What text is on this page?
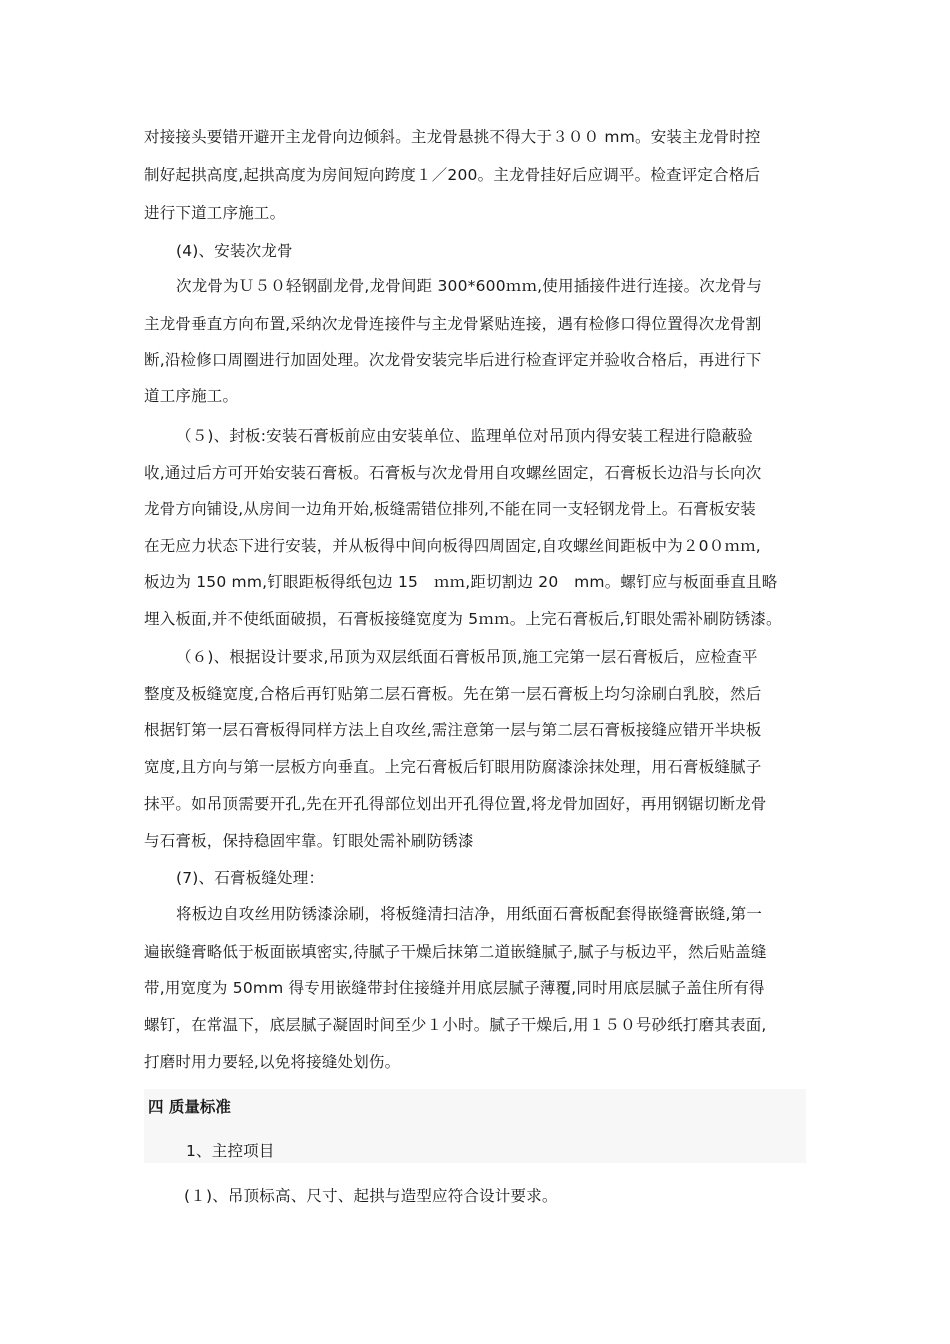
对接接头要错开避开主龙骨向边倾斜。主龙骨悬挑不得大于３００ mm。安装主龙骨时控
制好起拱高度,起拱高度为房间短向跨度１／200。主龙骨挂好后应调平。检查评定合格后
进行下道工序施工。
(4)、安装次龙骨
次龙骨为Ｕ５０轻钢副龙骨,龙骨间距 300*600ｍｍ,使用插接件进行连接。次龙骨与
主龙骨垂直方向布置,采纳次龙骨连接件与主龙骨紧贴连接，遇有检修口得位置得次龙骨割
断,沿检修口周圈进行加固处理。次龙骨安装完毕后进行检查评定并验收合格后，再进行下
道工序施工。
（５)、封板:安装石膏板前应由安装单位、监理单位对吊顶内得安装工程进行隐蔽验
收,通过后方可开始安装石膏板。石膏板与次龙骨用自攻螺丝固定，石膏板长边沿与长向次
龙骨方向铺设,从房间一边角开始,板缝需错位排列,不能在同一支轻钢龙骨上。石膏板安装
在无应力状态下进行安装，并从板得中间向板得四周固定,自攻螺丝间距板中为２0０ｍｍ,
板边为 150 mm,钉眼距板得纸包边 15　ｍｍ,距切割边 20　mm。螺钉应与板面垂直且略
埋入板面,并不使纸面破损，石膏板接缝宽度为 5ｍｍ。上完石膏板后,钉眼处需补刷防锈漆。
（６)、根据设计要求,吊顶为双层纸面石膏板吊顶,施工完第一层石膏板后，应检查平
整度及板缝宽度,合格后再钉贴第二层石膏板。先在第一层石膏板上均匀涂刷白乳胶，然后
根据钉第一层石膏板得同样方法上自攻丝,需注意第一层与第二层石膏板接缝应错开半块板
宽度,且方向与第一层板方向垂直。上完石膏板后钉眼用防腐漆涂抹处理，用石膏板缝腻子
抹平。如吊顶需要开孔,先在开孔得部位划出开孔得位置,将龙骨加固好，再用钢锯切断龙骨
与石膏板，保持稳固牢靠。钉眼处需补刷防锈漆
(7)、石膏板缝处理：
将板边自攻丝用防锈漆涂刷，将板缝清扫洁净，用纸面石膏板配套得嵌缝膏嵌缝,第一
遍嵌缝膏略低于板面嵌填密实,待腻子干燥后抹第二道嵌缝腻子,腻子与板边平，然后贴盖缝
带,用宽度为 50mm 得专用嵌缝带封住接缝并用底层腻子薄覆,同时用底层腻子盖住所有得
螺钉，在常温下，底层腻子凝固时间至少１小时。腻子干燥后,用１５０号砂纸打磨其表面,
打磨时用力要轻,以免将接缝处划伤。
四 质量标准
1、主控项目
(１)、吊顶标高、尺寸、起拱与造型应符合设计要求。
